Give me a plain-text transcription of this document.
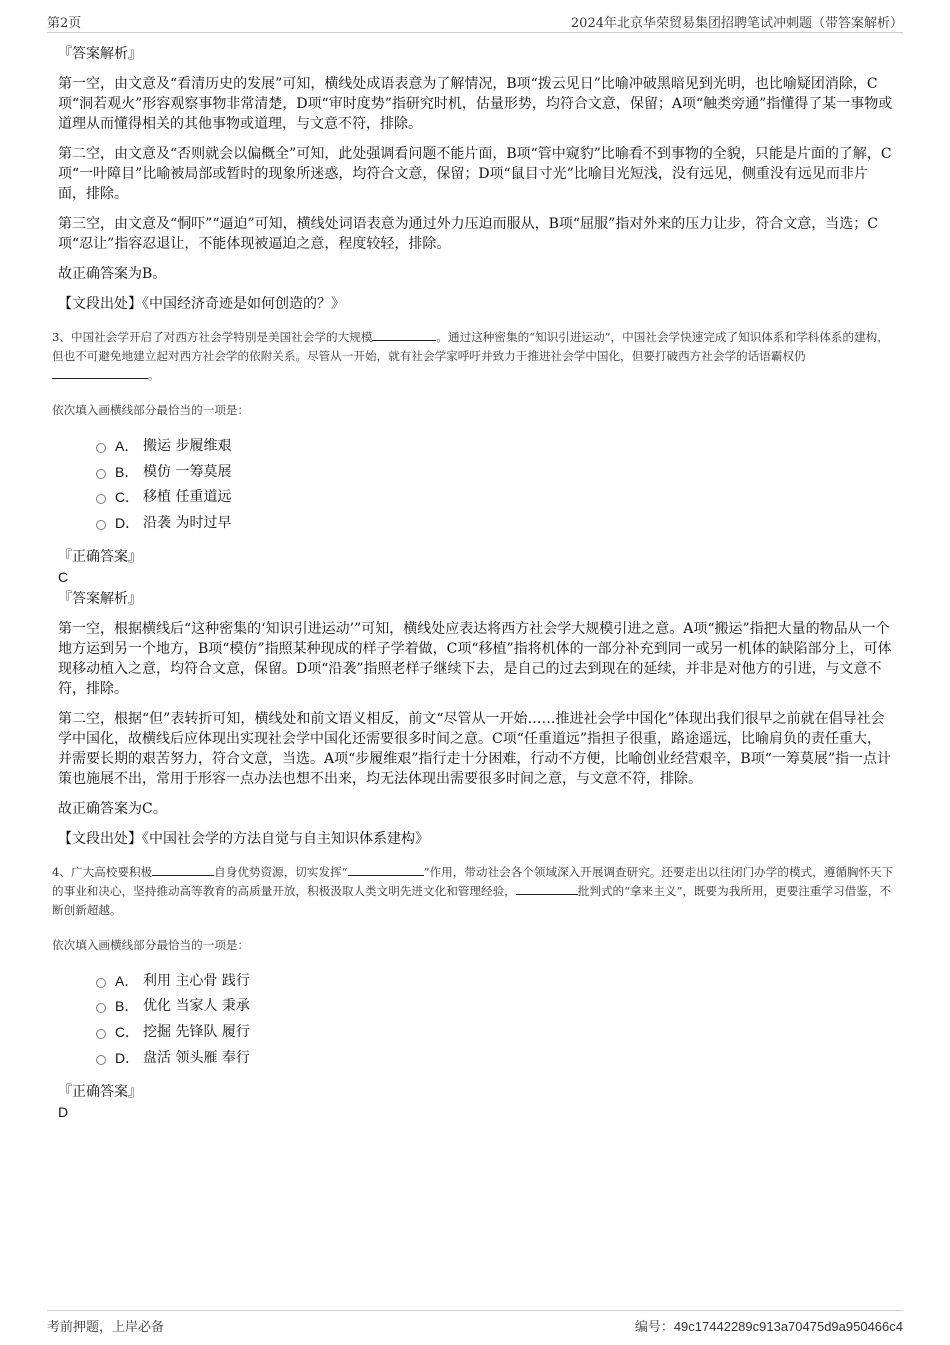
第2页	2024年北京华荣贸易集团招聘笔试冲刺题（带答案解析）
『答案解析』
第一空，由文意及“看清历史的发展”可知，横线处成语表意为了解情况，B项“拨云见日”比喻冲破黑暗见到光明，也比喻疑团消除，C项“洞若观火”形容观察事物非常清楚，D项“审时度势”指研究时机，估量形势，均符合文意，保留；A项“触类旁通”指懂得了某一事物或道理从而懂得相关的其他事物或道理，与文意不符，排除。
第二空，由文意及“否则就会以偏概全”可知，此处强调看问题不能片面，B项“管中窥豹”比喻看不到事物的全貌，只能是片面的了解，C项“一叶障目”比喻被局部或暂时的现象所迷惑，均符合文意，保留；D项“鼠目寸光”比喻目光短浅，没有远见，侧重没有远见而非片面，排除。
第三空，由文意及“恫吓”“逼迫”可知，横线处词语表意为通过外力压迫而服从，B项“屈服”指对外来的压力让步，符合文意，当选；C项“忍让”指容忍退让，不能体现被逼迫之意，程度较轻，排除。
故正确答案为B。
【文段出处】《中国经济奇迹是如何创造的？》
3、中国社会学开启了对西方社会学特别是美国社会学的大规模	。通过这种密集的“知识引进运动”，中国社会学快速完成了知识体系和学科体系的建构，但也不可避免地建立起对西方社会学的依附关系。尽管从一开始，就有社会学家呼吁并致力于推进社会学中国化，但要打破西方社会学的话语霸权仍。
依次填入画横线部分最恰当的一项是：
A． 搬运 步履维艰
B． 模仿 一筹莫展
C． 移植 任重道远
D． 沿袭 为时过早
『正确答案』
C
『答案解析』
第一空，根据横线后“这种密集的‘知识引进运动’”可知，横线处应表达将西方社会学大规模引进之意。A项“搬运”指把大量的物品从一个地方运到另一个地方，B项“模仿”指照某种现成的样子学着做，C项“移植”指将机体的一部分补充到同一或另一机体的缺陷部分上，可体现移动植入之意，均符合文意，保留。D项“沿袭”指照老样子继续下去，是自己的过去到现在的延续，并非是对他方的引进，与文意不符，排除。
第二空，根据“但”表转折可知，横线处和前文语义相反，前文“尽管从一开始……推进社会学中国化”体现出我们很早之前就在倡导社会学中国化，故横线后应体现出实现社会学中国化还需要很多时间之意。C项“任重道远”指担子很重，路途遥远，比喻肩负的责任重大，并需要长期的艰苦努力，符合文意，当选。A项“步履维艰”指行走十分困难，行动不方便，比喻创业经营艰辛，B项“一筹莫展”指一点计策也施展不出，常用于形容一点办法也想不出来，均无法体现出需要很多时间之意，与文意不符，排除。
故正确答案为C。
【文段出处】《中国社会学的方法自觉与自主知识体系建构》
4、广大高校要积极	自身优势资源，切实发挥“	”作用，带动社会各个领域深入开展调查研究。还要走出以往闭门办学的模式，遵循胸怀天下的事业和决心，坚持推动高等教育的高质量开放，积极汲取人类文明先进文化和管理经验，	批判式的“拿来主义”，既要为我所用，更要注重学习借鉴，不断创新超越。
依次填入画横线部分最恰当的一项是：
A． 利用 主心骨 践行
B． 优化 当家人 秉承
C． 挖掘 先锋队 履行
D． 盘活 领头雁 奉行
『正确答案』
D
考前押题，上岸必备	编号：49c17442289c913a70475d9a950466c4
